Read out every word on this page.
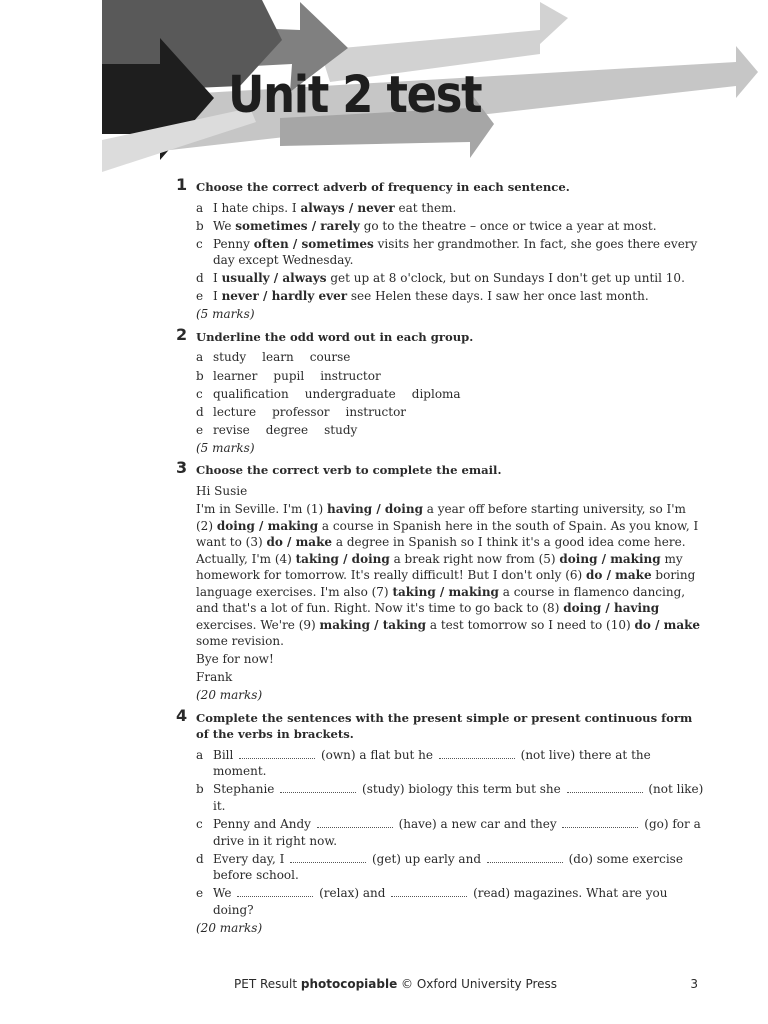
Unit 2 test
1 Choose the correct adverb of frequency in each sentence.
a I hate chips. I always / never eat them.
b We sometimes / rarely go to the theatre – once or twice a year at most.
c Penny often / sometimes visits her grandmother. In fact, she goes there every day except Wednesday.
d I usually / always get up at 8 o'clock, but on Sundays I don't get up until 10.
e I never / hardly ever see Helen these days. I saw her once last month.
(5 marks)
2 Underline the odd word out in each group.
a study learn course
b learner pupil instructor
c qualification undergraduate diploma
d lecture professor instructor
e revise degree study
(5 marks)
3 Choose the correct verb to complete the email.

Hi Susie

I'm in Seville. I'm (1) having / doing a year off before starting university, so I'm (2) doing / making a course in Spanish here in the south of Spain. As you know, I want to (3) do / make a degree in Spanish so I think it's a good idea come here. Actually, I'm (4) taking / doing a break right now from (5) doing / making my homework for tomorrow. It's really difficult! But I don't only (6) do / make boring language exercises. I'm also (7) taking / making a course in flamenco dancing, and that's a lot of fun. Right. Now it's time to go back to (8) doing / having exercises. We're (9) making / taking a test tomorrow so I need to (10) do / make some revision.

Bye for now!

Frank

(20 marks)
4 Complete the sentences with the present simple or present continuous form of the verbs in brackets.
a Bill	(own) a flat but he	(not live) there at the moment.
b Stephanie	(study) biology this term but she	(not like) it.
c Penny and Andy	(have) a new car and they	(go) for a drive in it right now.
d Every day, I	(get) up early and	(do) some exercise before school.
e We	(relax) and	(read) magazines. What are you doing?
(20 marks)
PET Result photocopiable © Oxford University Press	3
